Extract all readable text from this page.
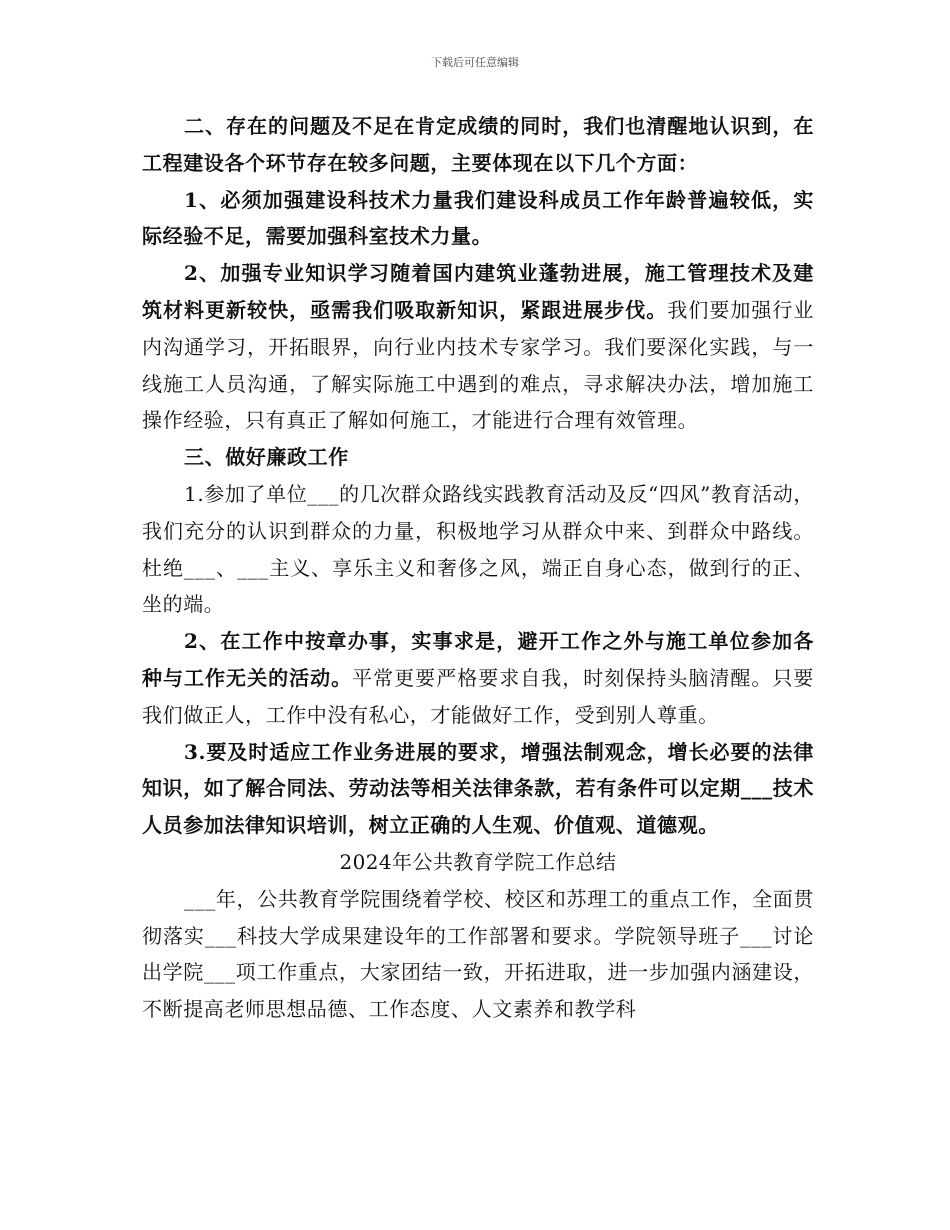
下载后可任意编辑

二、存在的问题及不足在肯定成绩的同时，我们也清醒地认识到，在工程建设各个环节存在较多问题，主要体现在以下几个方面：

1、必须加强建设科技术力量我们建设科成员工作年龄普遍较低，实际经验不足，需要加强科室技术力量。

2、加强专业知识学习随着国内建筑业蓬勃进展，施工管理技术及建筑材料更新较快，亟需我们吸取新知识，紧跟进展步伐。我们要加强行业内沟通学习，开拓眼界，向行业内技术专家学习。我们要深化实践，与一线施工人员沟通，了解实际施工中遇到的难点，寻求解决办法，增加施工操作经验，只有真正了解如何施工，才能进行合理有效管理。

三、做好廉政工作

1.参加了单位___的几次群众路线实践教育活动及反“四风”教育活动，我们充分的认识到群众的力量，积极地学习从群众中来、到群众中路线。杜绝___、___主义、享乐主义和奢侈之风，端正自身心态，做到行的正、坐的端。

2、在工作中按章办事，实事求是，避开工作之外与施工单位参加各种与工作无关的活动。平常更要严格要求自我，时刻保持头脑清醒。只要我们做正人，工作中没有私心，才能做好工作，受到别人尊重。

3.要及时适应工作业务进展的要求，增强法制观念，增长必要的法律知识，如了解合同法、劳动法等相关法律条款，若有条件可以定期___技术人员参加法律知识培训，树立正确的人生观、价值观、道德观。

2024年公共教育学院工作总结

___年，公共教育学院围绕着学校、校区和苏理工的重点工作，全面贯彻落实___科技大学成果建设年的工作部署和要求。学院领导班子___讨论出学院___项工作重点，大家团结一致，开拓进取，进一步加强内涵建设，不断提高老师思想品德、工作态度、人文素养和教学科
